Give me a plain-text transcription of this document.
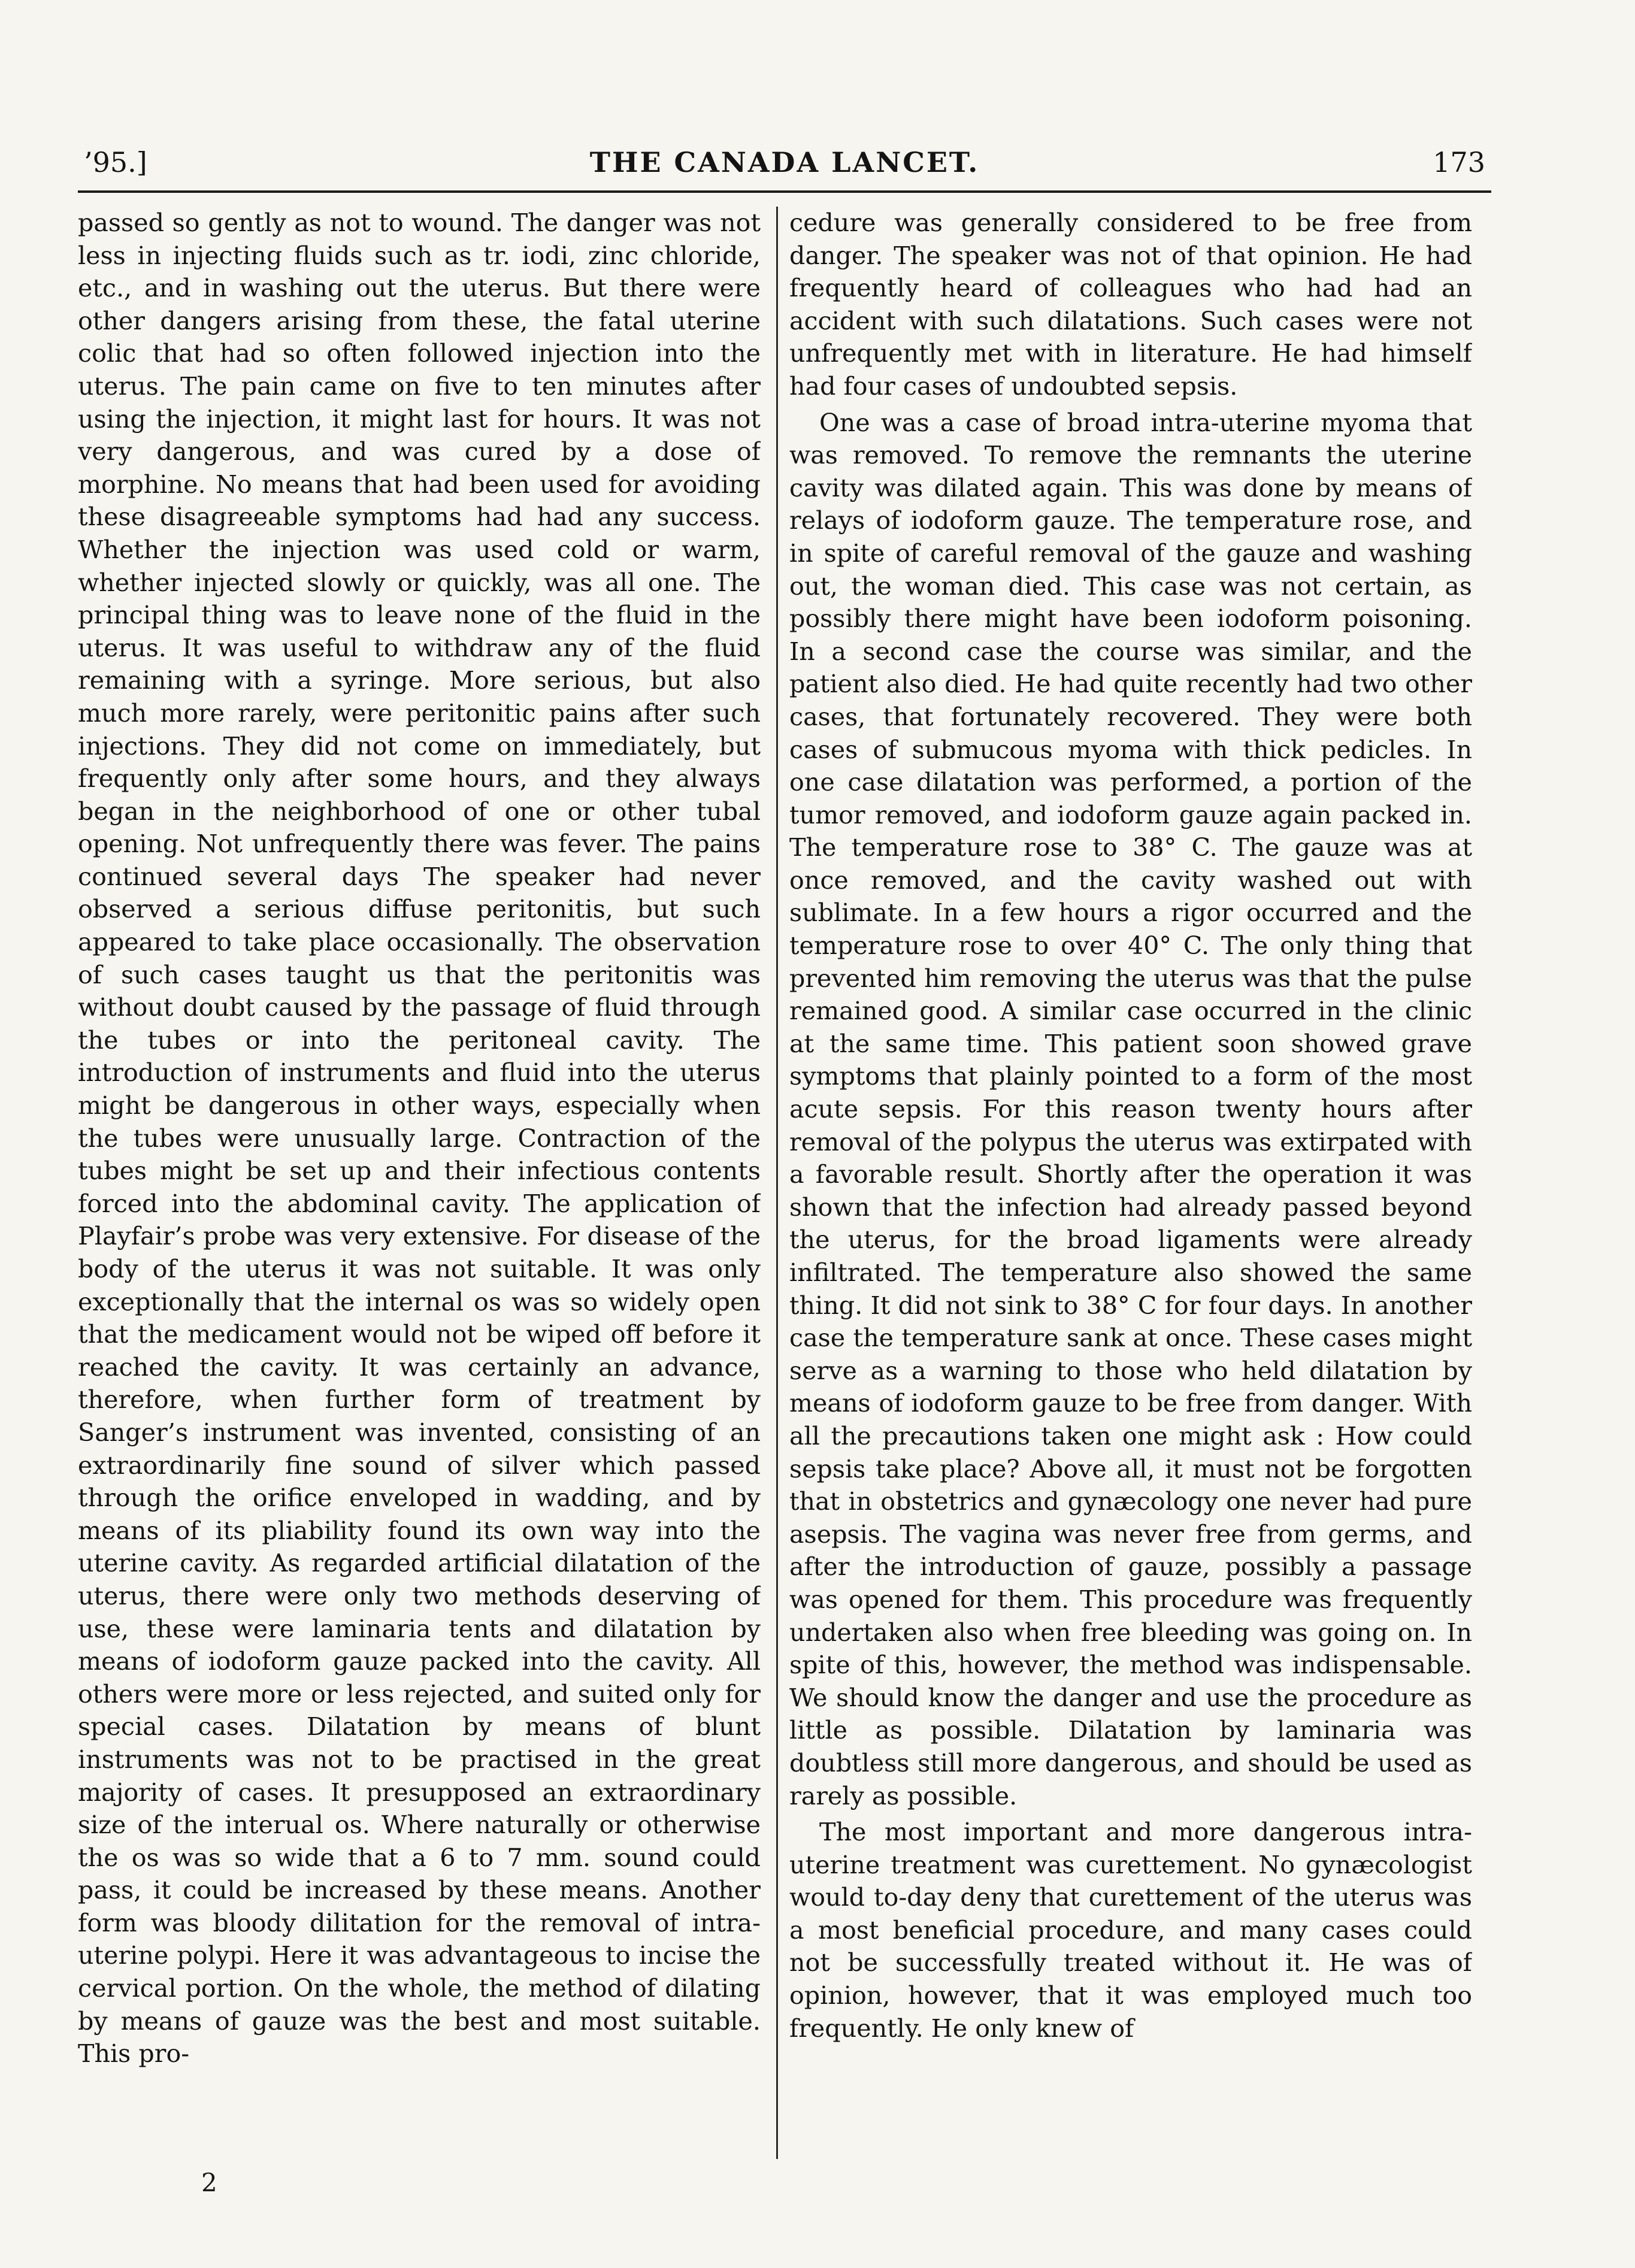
’95.]	THE CANADA LANCET.	173

passed so gently as not to wound. The danger was not less in injecting fluids such as tr. iodi, zinc chloride, etc., and in washing out the uterus. But there were other dangers arising from these, the fatal uterine colic that had so often followed injection into the uterus. The pain came on five to ten minutes after using the injection, it might last for hours. It was not very dangerous, and was cured by a dose of morphine. No means that had been used for avoiding these disagreeable symptoms had had any success. Whether the injection was used cold or warm, whether injected slowly or quickly, was all one. The principal thing was to leave none of the fluid in the uterus. It was useful to withdraw any of the fluid remaining with a syringe. More serious, but also much more rarely, were peritonitic pains after such injections. They did not come on immediately, but frequently only after some hours, and they always began in the neighborhood of one or other tubal opening. Not unfrequently there was fever. The pains continued several days The speaker had never observed a serious diffuse peritonitis, but such appeared to take place occasionally. The observation of such cases taught us that the peritonitis was without doubt caused by the passage of fluid through the tubes or into the peritoneal cavity. The introduction of instruments and fluid into the uterus might be dangerous in other ways, especially when the tubes were unusually large. Contraction of the tubes might be set up and their infectious contents forced into the abdominal cavity. The application of Playfair’s probe was very extensive. For disease of the body of the uterus it was not suitable. It was only exceptionally that the internal os was so widely open that the medicament would not be wiped off before it reached the cavity. It was certainly an advance, therefore, when further form of treatment by Sanger’s instrument was invented, consisting of an extraordinarily fine sound of silver which passed through the orifice enveloped in wadding, and by means of its pliability found its own way into the uterine cavity. As regarded artificial dilatation of the uterus, there were only two methods deserving of use, these were laminaria tents and dilatation by means of iodoform gauze packed into the cavity. All others were more or less rejected, and suited only for special cases. Dilatation by means of blunt instruments was not to be practised in the great majority of cases. It presupposed an extraordinary size of the interual os. Where naturally or otherwise the os was so wide that a 6 to 7 mm. sound could pass, it could be increased by these means. Another form was bloody dilitation for the removal of intra-uterine polypi. Here it was advantageous to incise the cervical portion. On the whole, the method of dilating by means of gauze was the best and most suitable. This pro-

cedure was generally considered to be free from danger. The speaker was not of that opinion. He had frequently heard of colleagues who had had an accident with such dilatations. Such cases were not unfrequently met with in literature. He had himself had four cases of undoubted sepsis.

One was a case of broad intra-uterine myoma that was removed. To remove the remnants the uterine cavity was dilated again. This was done by means of relays of iodoform gauze. The temperature rose, and in spite of careful removal of the gauze and washing out, the woman died. This case was not certain, as possibly there might have been iodoform poisoning. In a second case the course was similar, and the patient also died. He had quite recently had two other cases, that fortunately recovered. They were both cases of submucous myoma with thick pedicles. In one case dilatation was performed, a portion of the tumor removed, and iodoform gauze again packed in. The temperature rose to 38° C. The gauze was at once removed, and the cavity washed out with sublimate. In a few hours a rigor occurred and the temperature rose to over 40° C. The only thing that prevented him removing the uterus was that the pulse remained good. A similar case occurred in the clinic at the same time. This patient soon showed grave symptoms that plainly pointed to a form of the most acute sepsis. For this reason twenty hours after removal of the polypus the uterus was extirpated with a favorable result. Shortly after the operation it was shown that the infection had already passed beyond the uterus, for the broad ligaments were already infiltrated. The temperature also showed the same thing. It did not sink to 38° C for four days. In another case the temperature sank at once. These cases might serve as a warning to those who held dilatation by means of iodoform gauze to be free from danger. With all the precautions taken one might ask : How could sepsis take place? Above all, it must not be forgotten that in obstetrics and gynæcology one never had pure asepsis. The vagina was never free from germs, and after the introduction of gauze, possibly a passage was opened for them. This procedure was frequently undertaken also when free bleeding was going on. In spite of this, however, the method was indispensable. We should know the danger and use the procedure as little as possible. Dilatation by laminaria was doubtless still more dangerous, and should be used as rarely as possible.

The most important and more dangerous intra-uterine treatment was curettement. No gynæcologist would to-day deny that curettement of the uterus was a most beneficial procedure, and many cases could not be successfully treated without it. He was of opinion, however, that it was employed much too frequently. He only knew of

2
